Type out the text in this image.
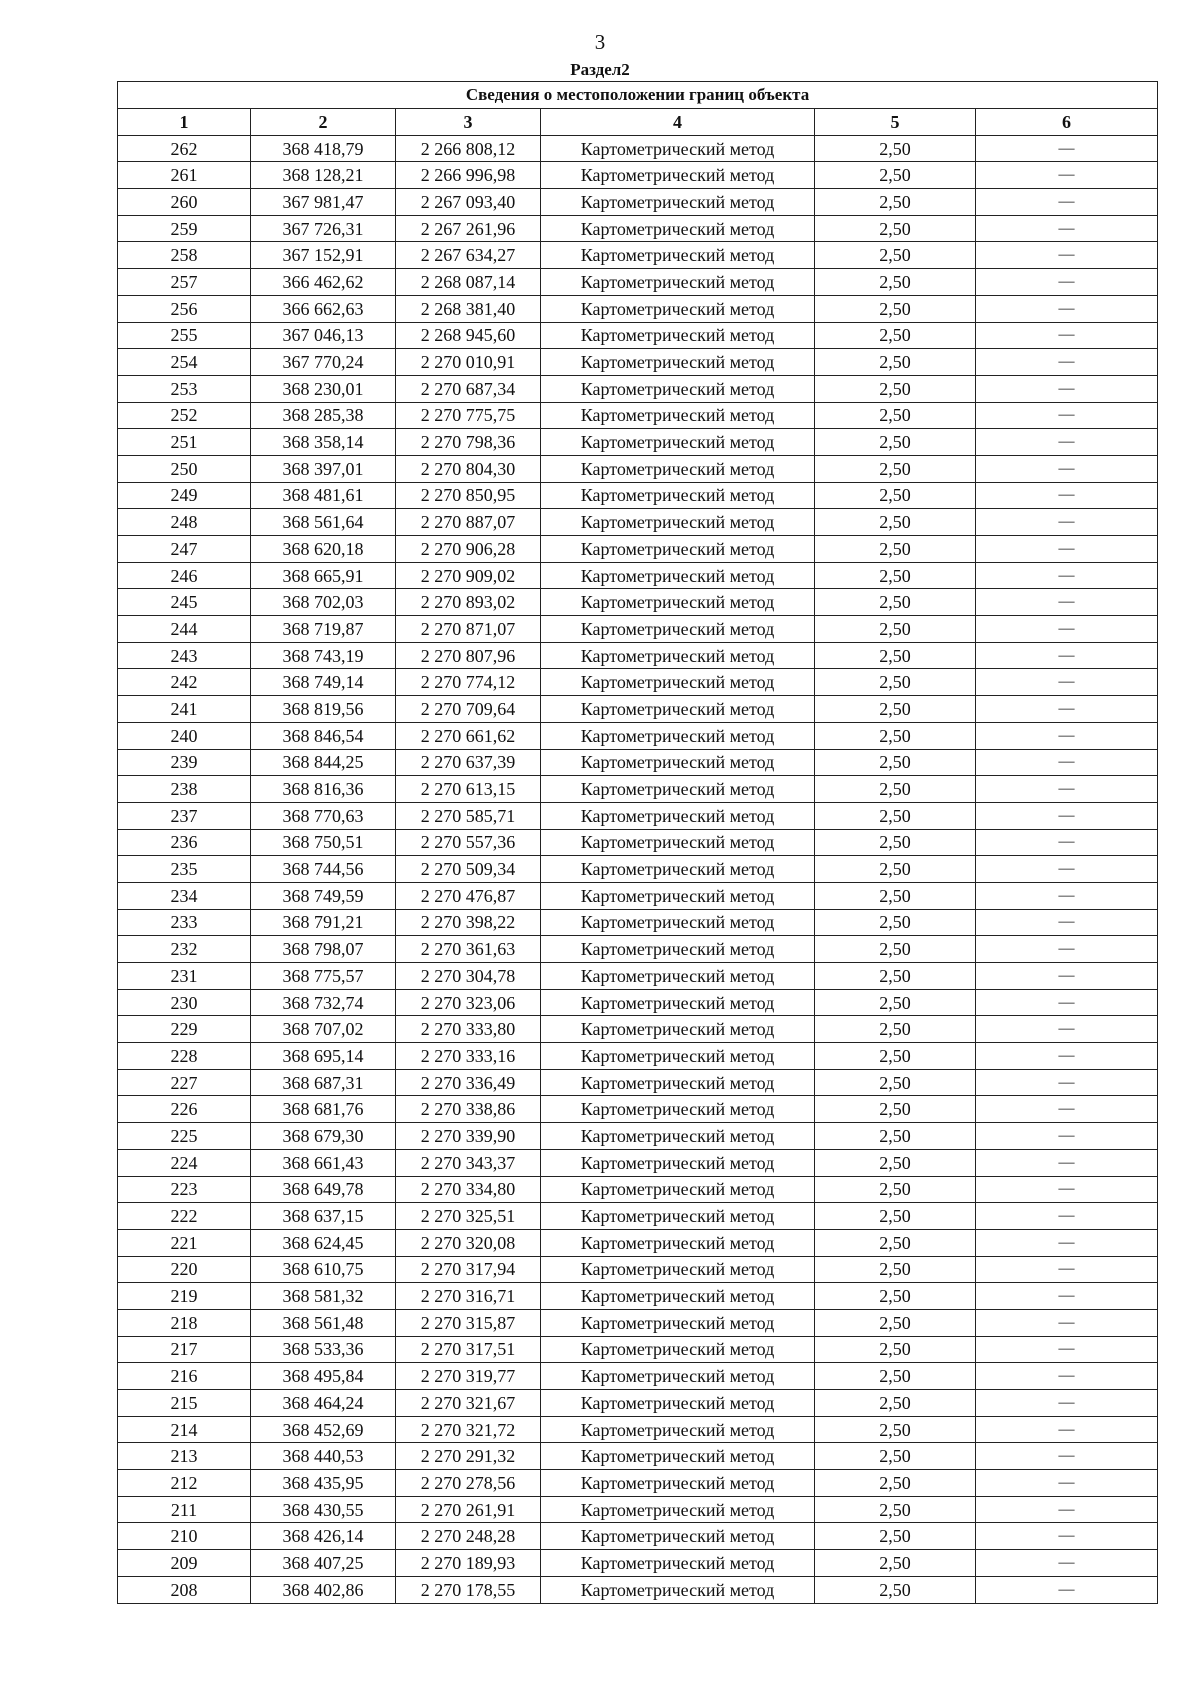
3
Раздел2
Сведения о местоположении границ объекта					
1	2	3	4	5	6
262	368 418,79	2 266 808,12	Картометрический метод	2,50	—
261	368 128,21	2 266 996,98	Картометрический метод	2,50	—
260	367 981,47	2 267 093,40	Картометрический метод	2,50	—
259	367 726,31	2 267 261,96	Картометрический метод	2,50	—
258	367 152,91	2 267 634,27	Картометрический метод	2,50	—
257	366 462,62	2 268 087,14	Картометрический метод	2,50	—
256	366 662,63	2 268 381,40	Картометрический метод	2,50	—
255	367 046,13	2 268 945,60	Картометрический метод	2,50	—
254	367 770,24	2 270 010,91	Картометрический метод	2,50	—
253	368 230,01	2 270 687,34	Картометрический метод	2,50	—
252	368 285,38	2 270 775,75	Картометрический метод	2,50	—
251	368 358,14	2 270 798,36	Картометрический метод	2,50	—
250	368 397,01	2 270 804,30	Картометрический метод	2,50	—
249	368 481,61	2 270 850,95	Картометрический метод	2,50	—
248	368 561,64	2 270 887,07	Картометрический метод	2,50	—
247	368 620,18	2 270 906,28	Картометрический метод	2,50	—
246	368 665,91	2 270 909,02	Картометрический метод	2,50	—
245	368 702,03	2 270 893,02	Картометрический метод	2,50	—
244	368 719,87	2 270 871,07	Картометрический метод	2,50	—
243	368 743,19	2 270 807,96	Картометрический метод	2,50	—
242	368 749,14	2 270 774,12	Картометрический метод	2,50	—
241	368 819,56	2 270 709,64	Картометрический метод	2,50	—
240	368 846,54	2 270 661,62	Картометрический метод	2,50	—
239	368 844,25	2 270 637,39	Картометрический метод	2,50	—
238	368 816,36	2 270 613,15	Картометрический метод	2,50	—
237	368 770,63	2 270 585,71	Картометрический метод	2,50	—
236	368 750,51	2 270 557,36	Картометрический метод	2,50	—
235	368 744,56	2 270 509,34	Картометрический метод	2,50	—
234	368 749,59	2 270 476,87	Картометрический метод	2,50	—
233	368 791,21	2 270 398,22	Картометрический метод	2,50	—
232	368 798,07	2 270 361,63	Картометрический метод	2,50	—
231	368 775,57	2 270 304,78	Картометрический метод	2,50	—
230	368 732,74	2 270 323,06	Картометрический метод	2,50	—
229	368 707,02	2 270 333,80	Картометрический метод	2,50	—
228	368 695,14	2 270 333,16	Картометрический метод	2,50	—
227	368 687,31	2 270 336,49	Картометрический метод	2,50	—
226	368 681,76	2 270 338,86	Картометрический метод	2,50	—
225	368 679,30	2 270 339,90	Картометрический метод	2,50	—
224	368 661,43	2 270 343,37	Картометрический метод	2,50	—
223	368 649,78	2 270 334,80	Картометрический метод	2,50	—
222	368 637,15	2 270 325,51	Картометрический метод	2,50	—
221	368 624,45	2 270 320,08	Картометрический метод	2,50	—
220	368 610,75	2 270 317,94	Картометрический метод	2,50	—
219	368 581,32	2 270 316,71	Картометрический метод	2,50	—
218	368 561,48	2 270 315,87	Картометрический метод	2,50	—
217	368 533,36	2 270 317,51	Картометрический метод	2,50	—
216	368 495,84	2 270 319,77	Картометрический метод	2,50	—
215	368 464,24	2 270 321,67	Картометрический метод	2,50	—
214	368 452,69	2 270 321,72	Картометрический метод	2,50	—
213	368 440,53	2 270 291,32	Картометрический метод	2,50	—
212	368 435,95	2 270 278,56	Картометрический метод	2,50	—
211	368 430,55	2 270 261,91	Картометрический метод	2,50	—
210	368 426,14	2 270 248,28	Картометрический метод	2,50	—
209	368 407,25	2 270 189,93	Картометрический метод	2,50	—
208	368 402,86	2 270 178,55	Картометрический метод	2,50	—
